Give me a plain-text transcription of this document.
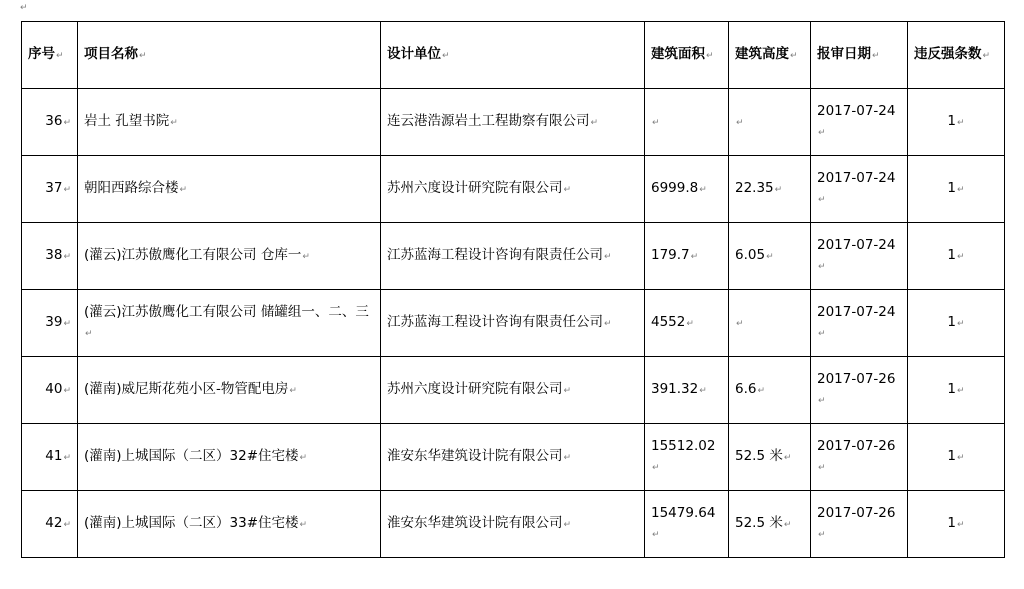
↵
序号↵	项目名称↵	设计单位↵	建筑面积↵	建筑高度↵	报审日期↵	违反强条数↵
36↵	岩土 孔望书院↵	连云港浩源岩土工程勘察有限公司↵	↵	↵	2017-07-24↵	1↵
37↵	朝阳西路综合楼↵	苏州六度设计研究院有限公司↵	6999.8↵	22.35↵	2017-07-24↵	1↵
38↵	(灌云)江苏傲鹰化工有限公司 仓库一↵	江苏蓝海工程设计咨询有限责任公司↵	179.7↵	6.05↵	2017-07-24↵	1↵
39↵	(灌云)江苏傲鹰化工有限公司 储罐组一、二、三↵	江苏蓝海工程设计咨询有限责任公司↵	4552↵	↵	2017-07-24↵	1↵
40↵	(灌南)威尼斯花苑小区-物管配电房↵	苏州六度设计研究院有限公司↵	391.32↵	6.6↵	2017-07-26↵	1↵
41↵	(灌南)上城国际（二区）32#住宅楼↵	淮安东华建筑设计院有限公司↵	15512.02↵	52.5 米↵	2017-07-26↵	1↵
42↵	(灌南)上城国际（二区）33#住宅楼↵	淮安东华建筑设计院有限公司↵	15479.64↵	52.5 米↵	2017-07-26↵	1↵
